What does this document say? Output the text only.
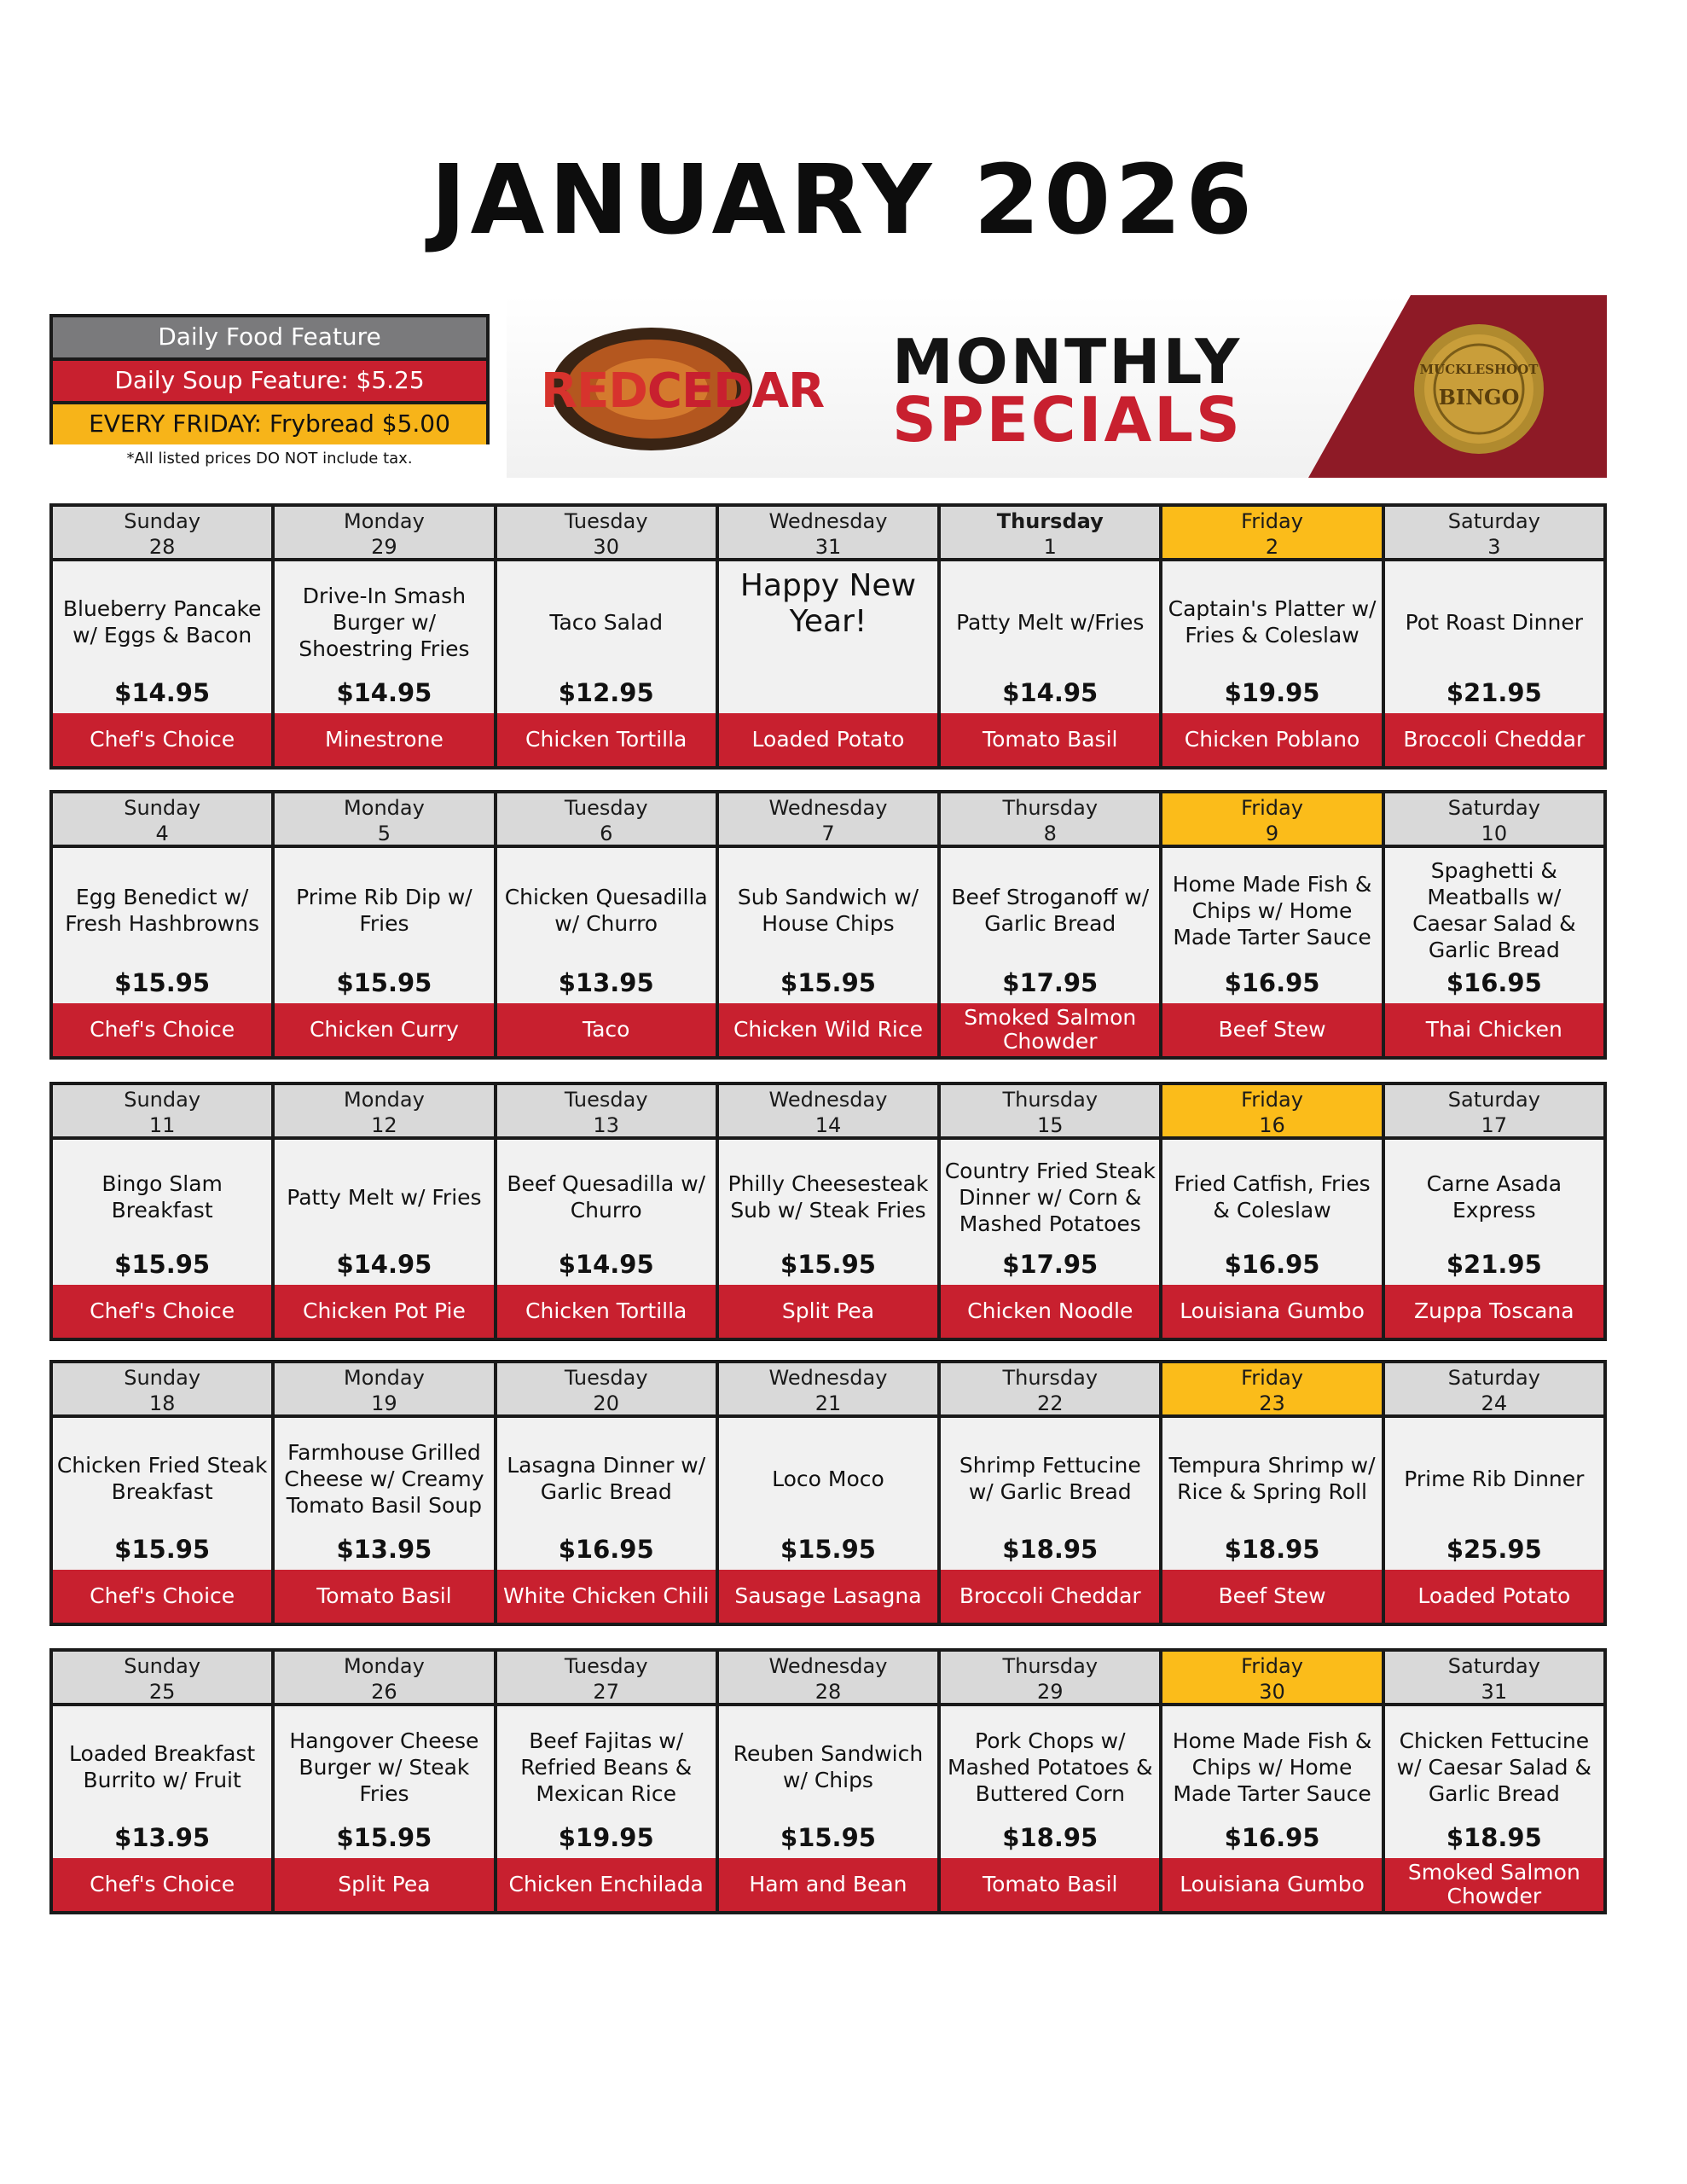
JANUARY 2026
Daily Food Feature
Daily Soup Feature: $5.25
EVERY FRIDAY: Frybread $5.00
*All listed prices DO NOT include tax.
MUCKLESHOOT
BINGO
REDCEDAR MONTHLY
SPECIALS
Sunday
28
Blueberry Pancake w/ Eggs & Bacon
$14.95
Chef's Choice
Monday
29
Drive-In Smash Burger w/ Shoestring Fries
$14.95
Minestrone
Tuesday
30
Taco Salad
$12.95
Chicken Tortilla
Wednesday
31
Happy New Year!
Loaded Potato
Thursday
1
Patty Melt w/Fries
$14.95
Tomato Basil
Friday
2
Captain's Platter w/ Fries & Coleslaw
$19.95
Chicken Poblano
Saturday
3
Pot Roast Dinner
$21.95
Broccoli Cheddar
Sunday
4
Egg Benedict w/ Fresh Hashbrowns
$15.95
Chef's Choice
Monday
5
Prime Rib Dip w/ Fries
$15.95
Chicken Curry
Tuesday
6
Chicken Quesadilla w/ Churro
$13.95
Taco
Wednesday
7
Sub Sandwich w/ House Chips
$15.95
Chicken Wild Rice
Thursday
8
Beef Stroganoff w/ Garlic Bread
$17.95
Smoked Salmon Chowder
Friday
9
Home Made Fish & Chips w/ Home Made Tarter Sauce
$16.95
Beef Stew
Saturday
10
Spaghetti & Meatballs w/ Caesar Salad & Garlic Bread
$16.95
Thai Chicken
Sunday
11
Bingo Slam Breakfast
$15.95
Chef's Choice
Monday
12
Patty Melt w/ Fries
$14.95
Chicken Pot Pie
Tuesday
13
Beef Quesadilla w/ Churro
$14.95
Chicken Tortilla
Wednesday
14
Philly Cheesesteak Sub w/ Steak Fries
$15.95
Split Pea
Thursday
15
Country Fried Steak Dinner w/ Corn & Mashed Potatoes
$17.95
Chicken Noodle
Friday
16
Fried Catfish, Fries & Coleslaw
$16.95
Louisiana Gumbo
Saturday
17
Carne Asada Express
$21.95
Zuppa Toscana
Sunday
18
Chicken Fried Steak Breakfast
$15.95
Chef's Choice
Monday
19
Farmhouse Grilled Cheese w/ Creamy Tomato Basil Soup
$13.95
Tomato Basil
Tuesday
20
Lasagna Dinner w/ Garlic Bread
$16.95
White Chicken Chili
Wednesday
21
Loco Moco
$15.95
Sausage Lasagna
Thursday
22
Shrimp Fettucine w/ Garlic Bread
$18.95
Broccoli Cheddar
Friday
23
Tempura Shrimp w/ Rice & Spring Roll
$18.95
Beef Stew
Saturday
24
Prime Rib Dinner
$25.95
Loaded Potato
Sunday
25
Loaded Breakfast Burrito w/ Fruit
$13.95
Chef's Choice
Monday
26
Hangover Cheese Burger w/ Steak Fries
$15.95
Split Pea
Tuesday
27
Beef Fajitas w/ Refried Beans & Mexican Rice
$19.95
Chicken Enchilada
Wednesday
28
Reuben Sandwich w/ Chips
$15.95
Ham and Bean
Thursday
29
Pork Chops w/ Mashed Potatoes & Buttered Corn
$18.95
Tomato Basil
Friday
30
Home Made Fish & Chips w/ Home Made Tarter Sauce
$16.95
Louisiana Gumbo
Saturday
31
Chicken Fettucine w/ Caesar Salad & Garlic Bread
$18.95
Smoked Salmon Chowder
